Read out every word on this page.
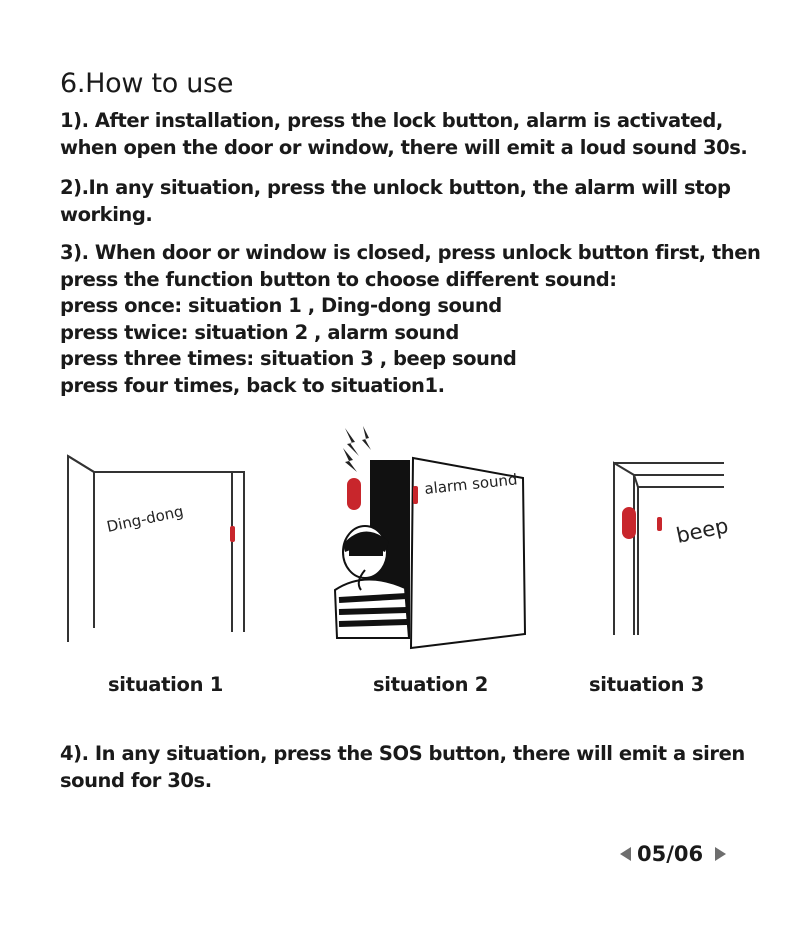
6.How to use

1). After installation, press the lock button, alarm is activated,

when open the door or window, there will emit a loud sound 30s.

2).In any situation, press the unlock button, the alarm will stop

working.

3). When door or window is closed, press unlock button first, then

press the function button to choose different sound:

press once: situation 1 , Ding-dong sound

press twice: situation 2 , alarm sound

press three times: situation 3 , beep sound

press four times, back to situation1.

Ding-dong
alarm sound
beep
situation 1	situation 2	situation 3

4). In any situation, press the SOS button, there will emit a siren

sound for 30s.

05/06
